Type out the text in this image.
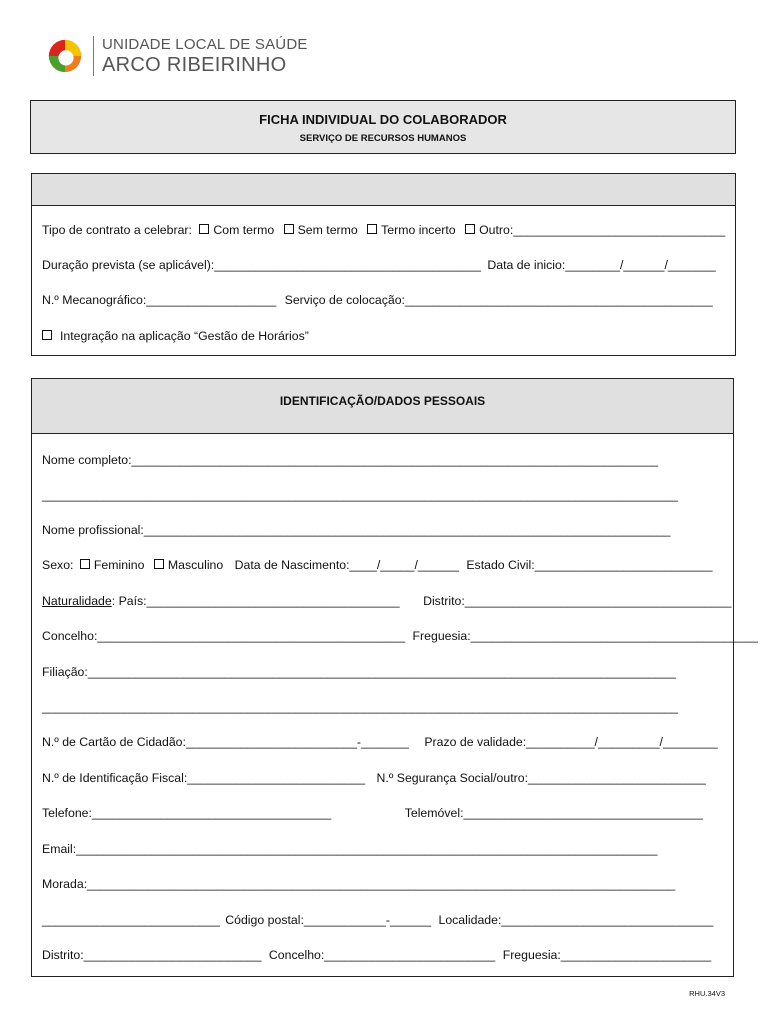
UNIDADE LOCAL DE SAÚDE
ARCO RIBEIRINHO
FICHA INDIVIDUAL DO COLABORADOR
SERVIÇO DE RECURSOS HUMANOS
Tipo de contrato a celebrar: Com termo Sem termo Termo incerto Outro:_______________________________
Duração prevista (se aplicável):_______________________________________ Data de inicio:________/______/_______
N.º Mecanográfico:___________________ Serviço de colocação:_____________________________________________
Integração na aplicação “Gestão de Horários”
IDENTIFICAÇÃO/DADOS PESSOAIS
Nome completo:_____________________________________________________________________________
_____________________________________________________________________________________________
Nome profissional:_____________________________________________________________________________
Sexo: Feminino Masculino Data de Nascimento:____/_____/______ Estado Civil:__________________________
Naturalidade: País:_____________________________________ Distrito:_______________________________________
Concelho:_____________________________________________ Freguesia:__________________________________________
Filiação:______________________________________________________________________________________
_____________________________________________________________________________________________
N.º de Cartão de Cidadão:_________________________-_______ Prazo de validade:__________/_________/________
N.º de Identificação Fiscal:__________________________ N.º Segurança Social/outro:__________________________
Telefone:___________________________________	Telemóvel:___________________________________
Email:_____________________________________________________________________________________
Morada:______________________________________________________________________________________
__________________________ Código postal:____________-______ Localidade:_______________________________
Distrito:__________________________ Concelho:_________________________ Freguesia:______________________
RHU.34V3
